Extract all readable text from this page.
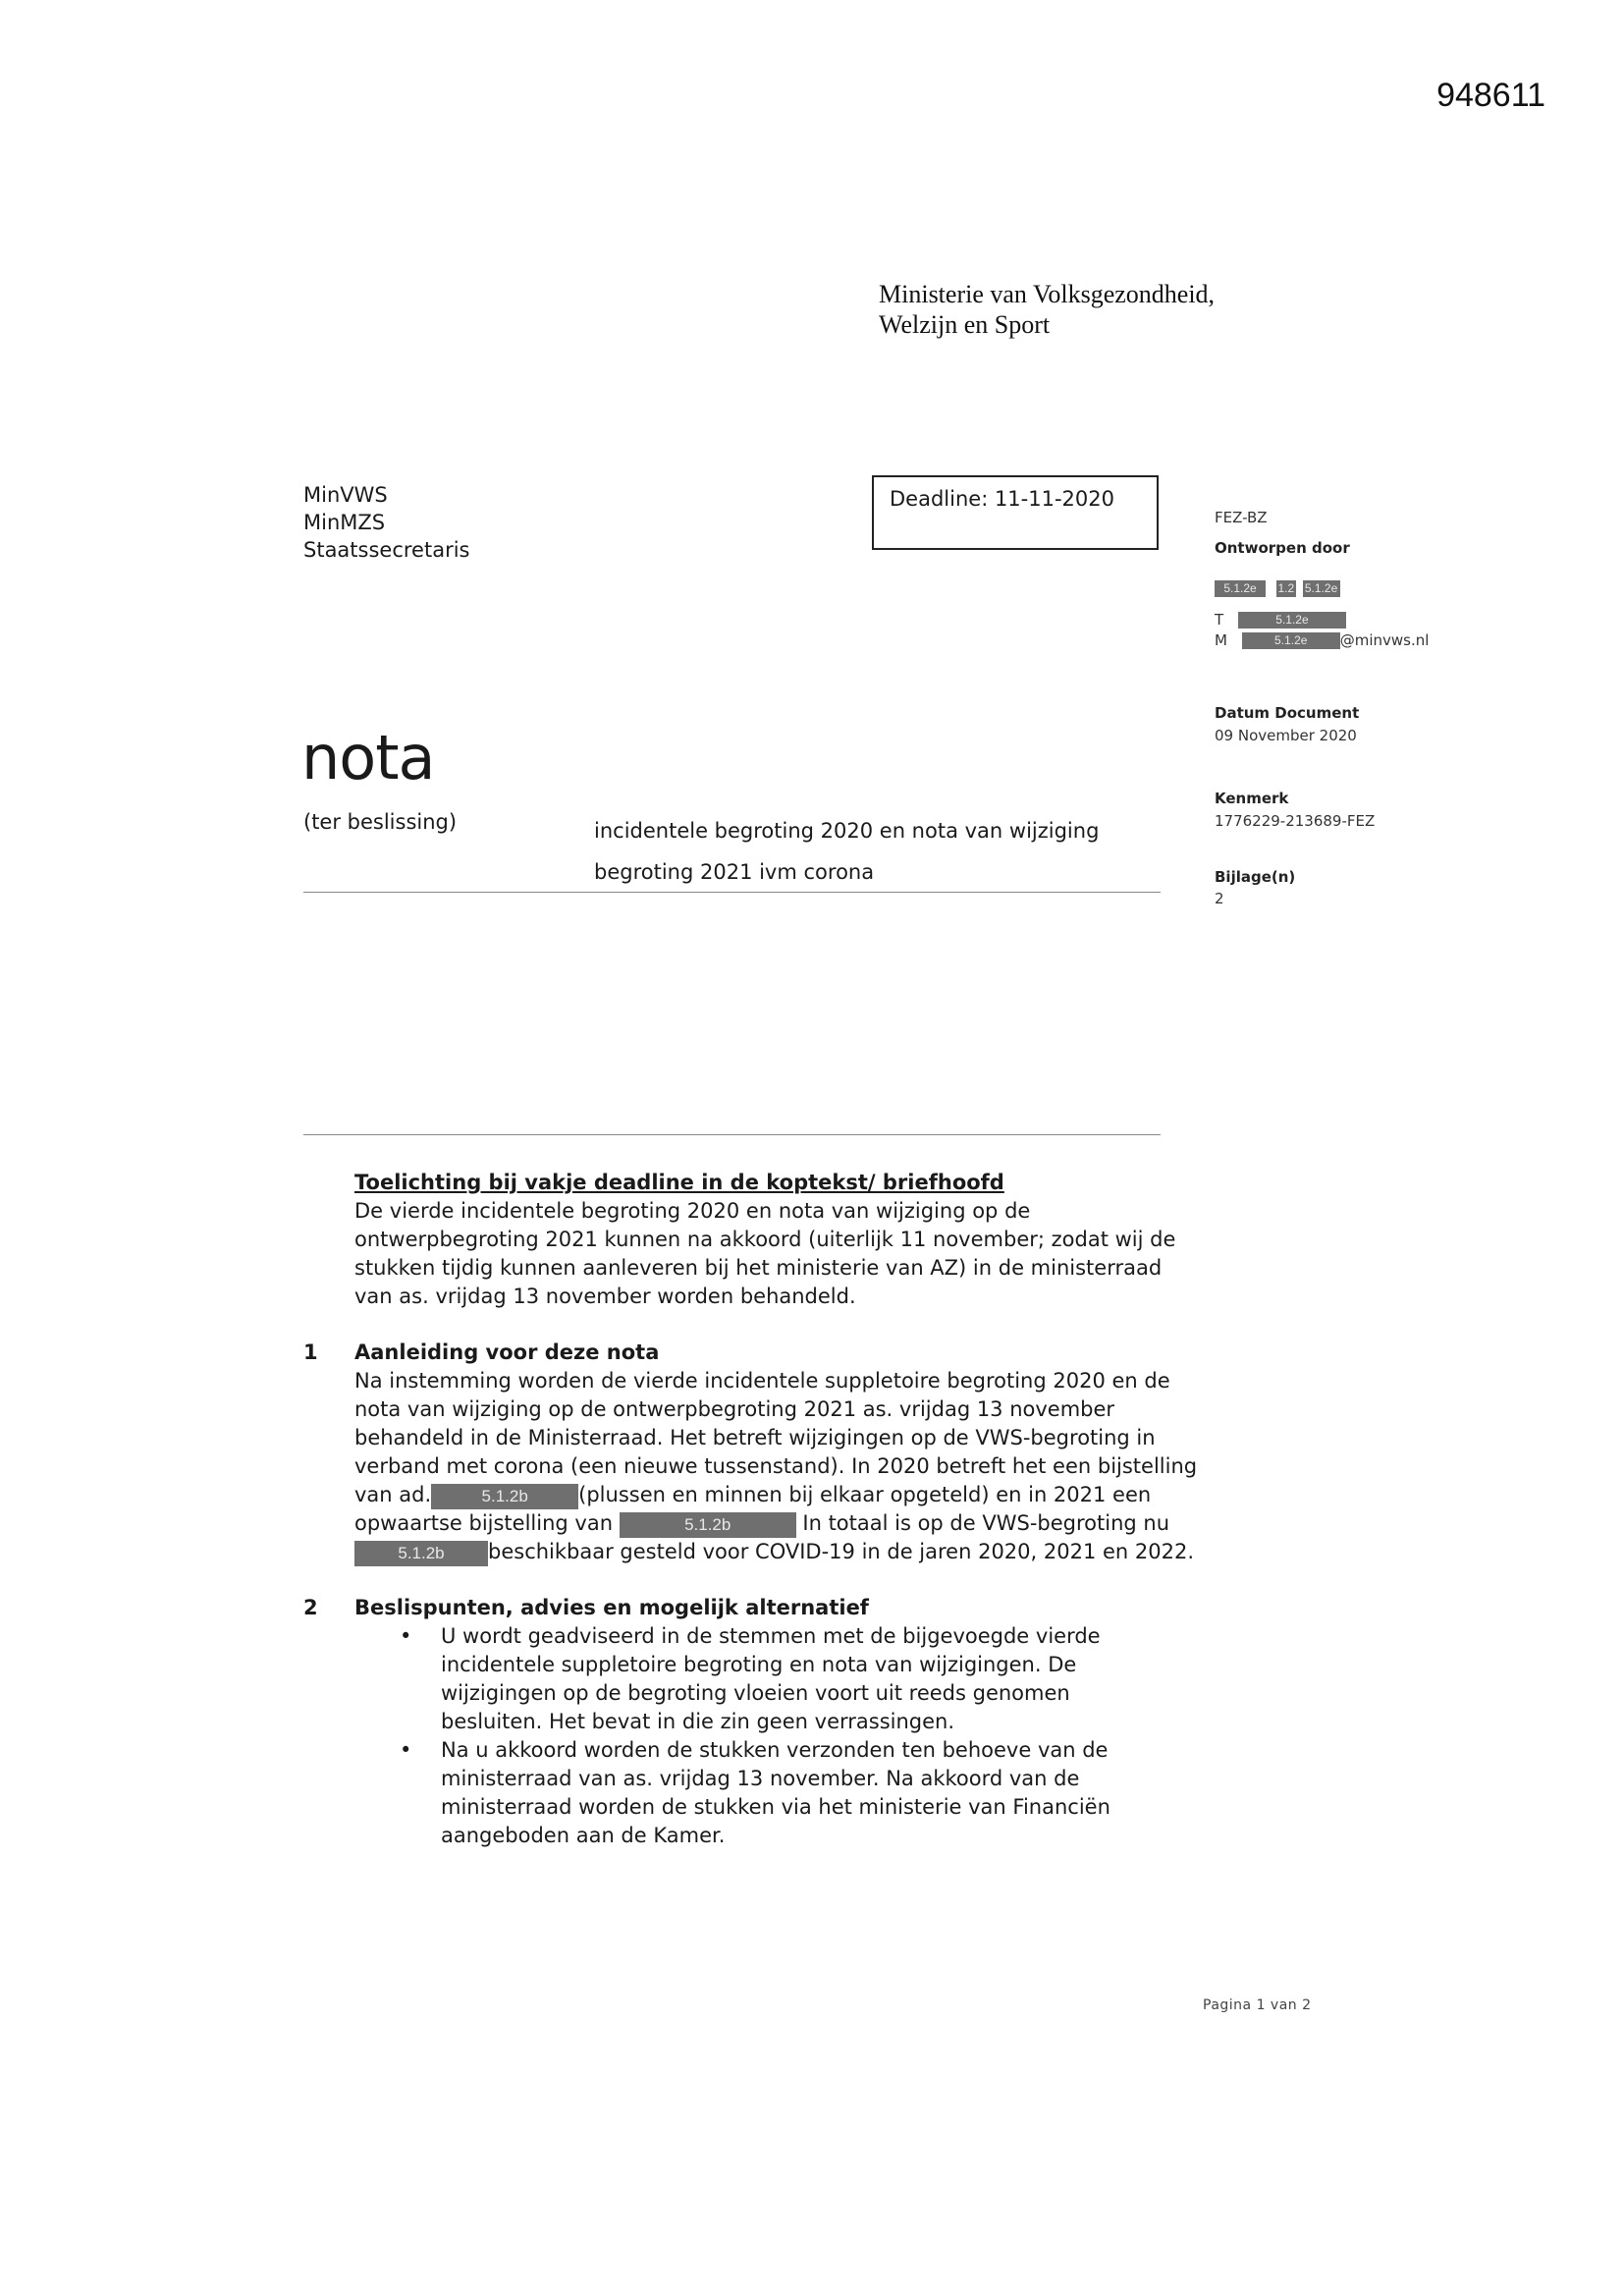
948611
Ministerie van Volksgezondheid,
Welzijn en Sport
MinVWS
MinMZS
Staatssecretaris
Deadline: 11-11-2020
FEZ-BZ
Ontworpen door
5.1.2e 1.2 5.1.2e
T	5.1.2e
M	5.1.2e @minvws.nl
Datum Document
09 November 2020
Kenmerk
1776229-213689-FEZ
Bijlage(n)
2
nota
(ter beslissing)	incidentele begroting 2020 en nota van wijziging
begroting 2021 ivm corona

Toelichting bij vakje deadline in de koptekst/ briefhoofd

De vierde incidentele begroting 2020 en nota van wijziging op de ontwerpbegroting 2021 kunnen na akkoord (uiterlijk 11 november; zodat wij de stukken tijdig kunnen aanleveren bij het ministerie van AZ) in de ministerraad van as. vrijdag 13 november worden behandeld.

1 Aanleiding voor deze nota

Na instemming worden de vierde incidentele suppletoire begroting 2020 en de nota van wijziging op de ontwerpbegroting 2021 as. vrijdag 13 november behandeld in de Ministerraad. Het betreft wijzigingen op de VWS-begroting in verband met corona (een nieuwe tussenstand). In 2020 betreft het een bijstelling van ad.	5.1.2b (plussen en minnen bij elkaar opgeteld) en in 2021 een opwaartse bijstelling van	5.1.2b	In totaal is op de VWS-begroting nu5.1.2b beschikbaar gesteld voor COVID-19 in de jaren 2020, 2021 en 2022.

2 Beslispunten, advies en mogelijk alternatief

• U wordt geadviseerd in de stemmen met de bijgevoegde vierde incidentele suppletoire begroting en nota van wijzigingen. De wijzigingen op de begroting vloeien voort uit reeds genomen besluiten. Het bevat in die zin geen verrassingen.
• Na u akkoord worden de stukken verzonden ten behoeve van de ministerraad van as. vrijdag 13 november. Na akkoord van de ministerraad worden de stukken via het ministerie van Financiën aangeboden aan de Kamer.
Pagina 1 van 2
